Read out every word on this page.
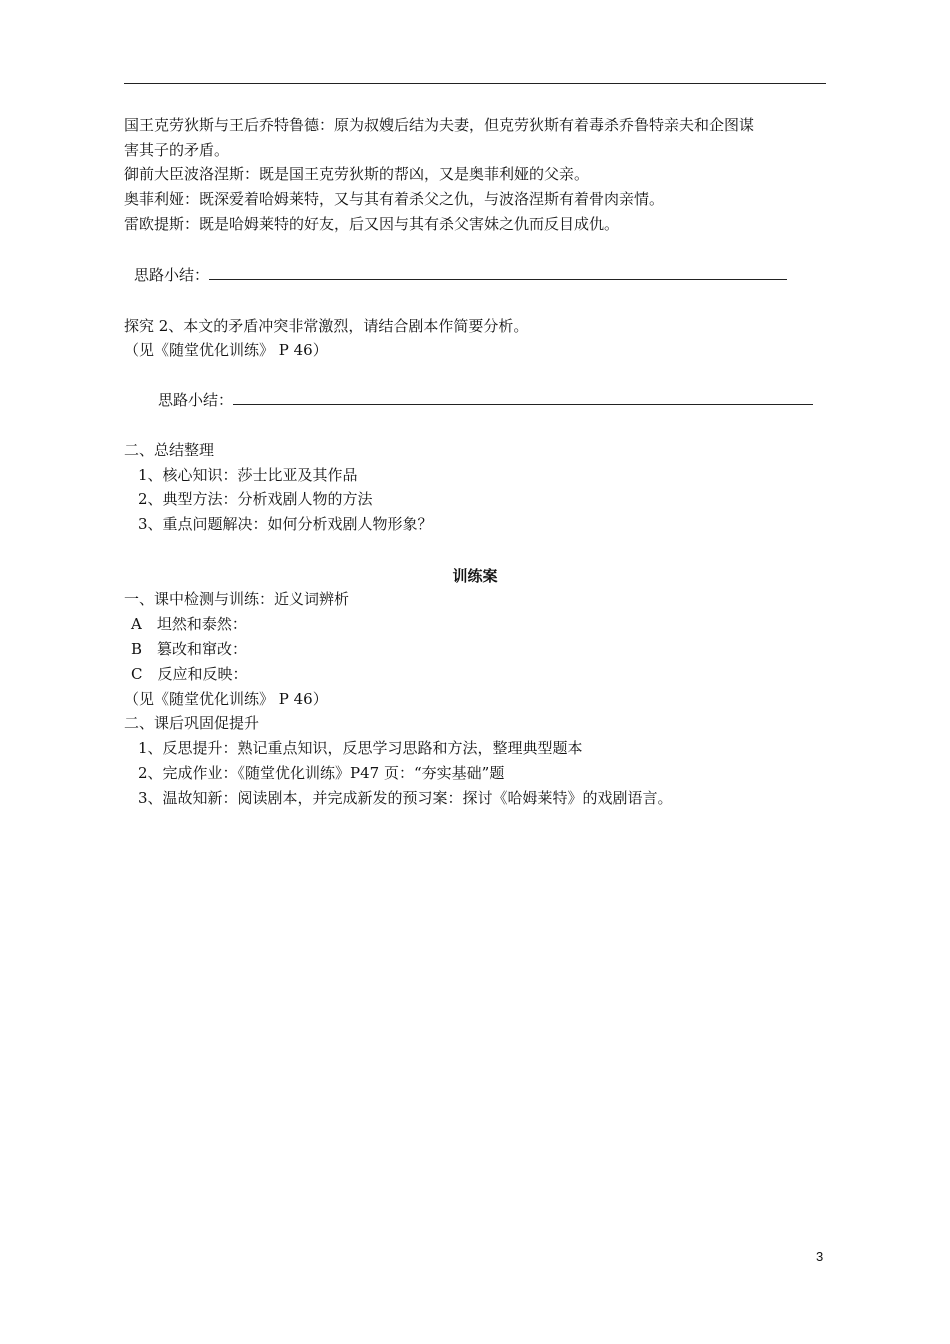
国王克劳狄斯与王后乔特鲁德：原为叔嫂后结为夫妻，但克劳狄斯有着毒杀乔鲁特亲夫和企图谋
害其子的矛盾。
御前大臣波洛涅斯：既是国王克劳狄斯的帮凶，又是奥菲利娅的父亲。
奥菲利娅：既深爱着哈姆莱特，又与其有着杀父之仇，与波洛涅斯有着骨肉亲情。
雷欧提斯：既是哈姆莱特的好友，后又因与其有杀父害妹之仇而反目成仇。
思路小结：
探究 2、本文的矛盾冲突非常激烈，请结合剧本作简要分析。
（见《随堂优化训练》 P 46）
思路小结：
二、总结整理
1、核心知识：莎士比亚及其作品
2、典型方法：分析戏剧人物的方法
3、重点问题解决：如何分析戏剧人物形象？
训练案
一、课中检测与训练：近义词辨析
A　坦然和泰然：
B　篡改和窜改：
C　反应和反映：
（见《随堂优化训练》 P 46）
二、课后巩固促提升
1、反思提升：熟记重点知识，反思学习思路和方法，整理典型题本
2、完成作业：《随堂优化训练》P47 页：“夯实基础”题
3、温故知新：阅读剧本，并完成新发的预习案：探讨《哈姆莱特》的戏剧语言。
3
